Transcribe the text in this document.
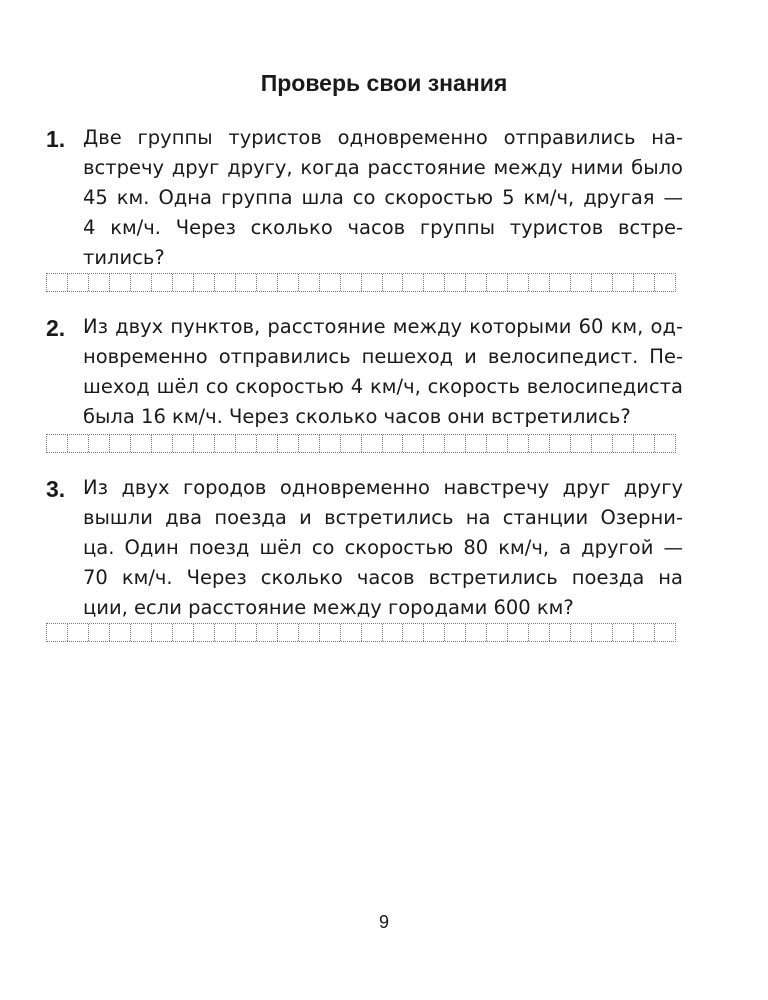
Проверь свои знания
1. Две группы туристов одновременно отправились на-
встречу друг другу, когда расстояние между ними было
45 км. Одна группа шла со скоростью 5 км/ч, другая —
4 км/ч. Через сколько часов группы туристов встре-
тились?
2. Из двух пунктов, расстояние между которыми 60 км, од-
новременно отправились пешеход и велосипедист. Пе-
шеход шёл со скоростью 4 км/ч, скорость велосипедиста
была 16 км/ч. Через сколько часов они встретились?
3. Из двух городов одновременно навстречу друг другу
вышли два поезда и встретились на станции Озерни-
ца. Один поезд шёл со скоростью 80 км/ч, а другой —
70 км/ч. Через сколько часов встретились поезда на
ции, если расстояние между городами 600 км?
9
